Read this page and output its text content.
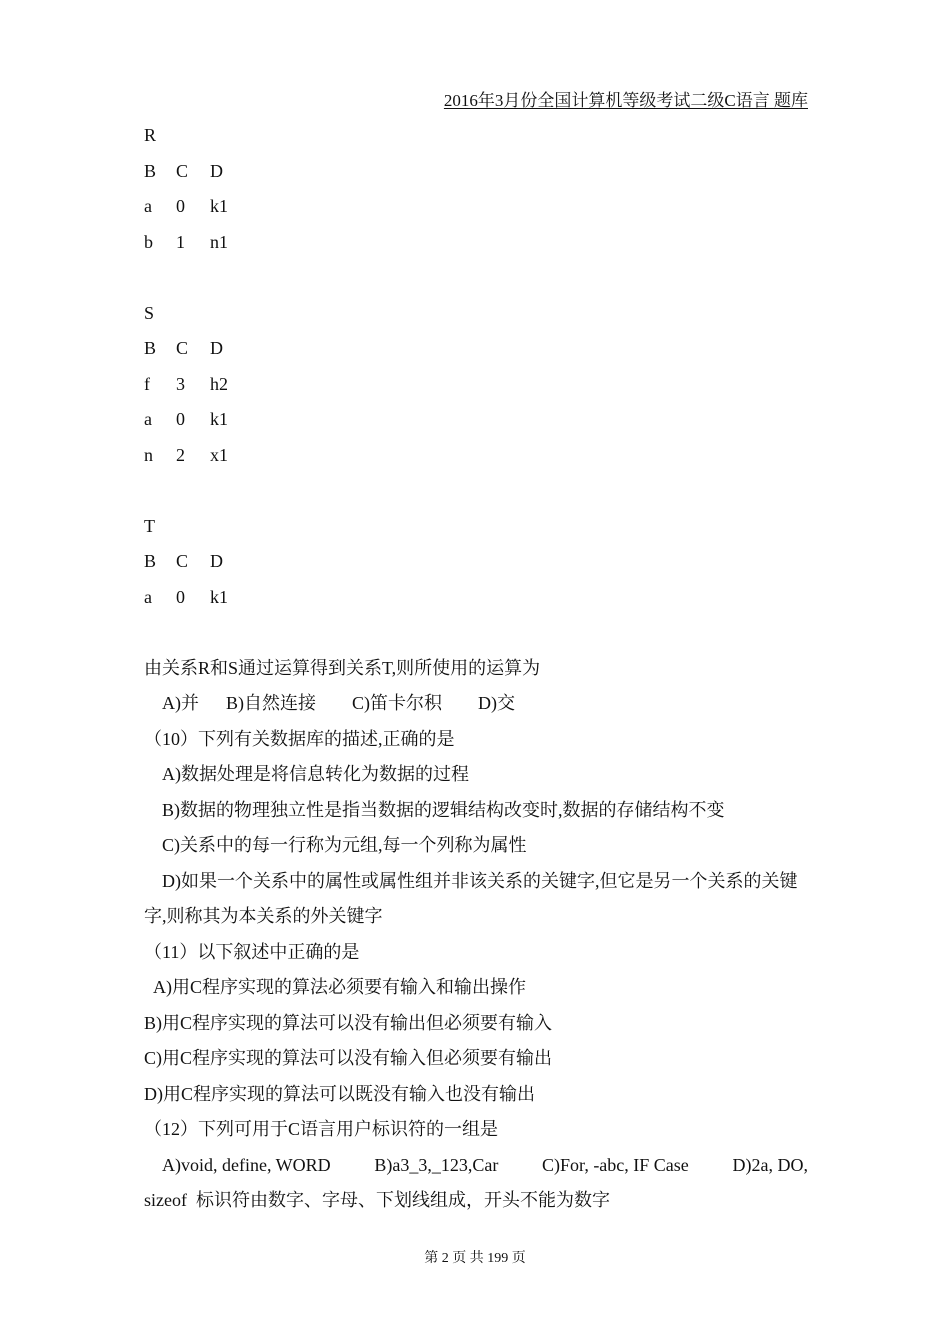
2016年3月份全国计算机等级考试二级C语言 题库
R
B C D
a 0 k1
b 1 n1
S
B C D
f 3 h2
a 0 k1
n 2 x1
T
B C D
a 0 k1
由关系R和S通过运算得到关系T,则所使用的运算为
A)并      B)自然连接        C)笛卡尔积        D)交
（10）下列有关数据库的描述,正确的是
A)数据处理是将信息转化为数据的过程
B)数据的物理独立性是指当数据的逻辑结构改变时,数据的存储结构不变
C)关系中的每一行称为元组,每一个列称为属性
D)如果一个关系中的属性或属性组并非该关系的关键字,但它是另一个关系的关键字,则称其为本关系的外关键字
（11）以下叙述中正确的是
A)用C程序实现的算法必须要有输入和输出操作
B)用C程序实现的算法可以没有输出但必须要有输入
C)用C程序实现的算法可以没有输入但必须要有输出
D)用C程序实现的算法可以既没有输入也没有输出
（12）下列可用于C语言用户标识符的一组是
A)void, define, WORD B)a3_3,_123,Car C)For, -abc, IF Case D)2a, DO,
sizeof  标识符由数字、字母、下划线组成，开头不能为数字
第 2 页 共 199 页
